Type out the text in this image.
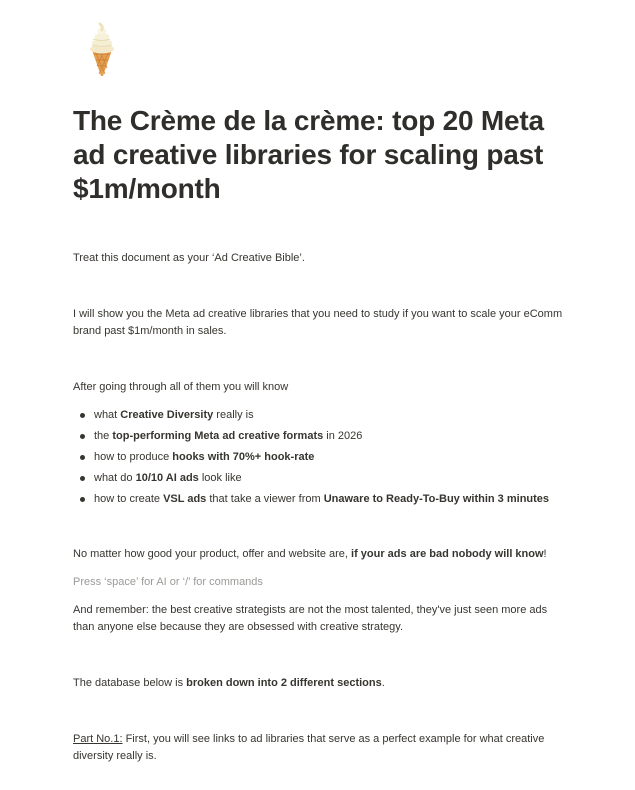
The Crème de la crème: top 20 Meta ad creative libraries for scaling past $1m/month

Treat this document as your ‘Ad Creative Bible’.

I will show you the Meta ad creative libraries that you need to study if you want to scale your eComm brand past $1m/month in sales.

After going through all of them you will know

what Creative Diversity really is
the top-performing Meta ad creative formats in 2026
how to produce hooks with 70%+ hook-rate
what do 10/10 AI ads look like
how to create VSL ads that take a viewer from Unaware to Ready-To-Buy within 3 minutes

No matter how good your product, offer and website are, if your ads are bad nobody will know!

Press ‘space’ for AI or ‘/’ for commands

And remember: the best creative strategists are not the most talented, they've just seen more ads than anyone else because they are obsessed with creative strategy.

The database below is broken down into 2 different sections.

Part No.1: First, you will see links to ad libraries that serve as a perfect example for what creative diversity really is.
